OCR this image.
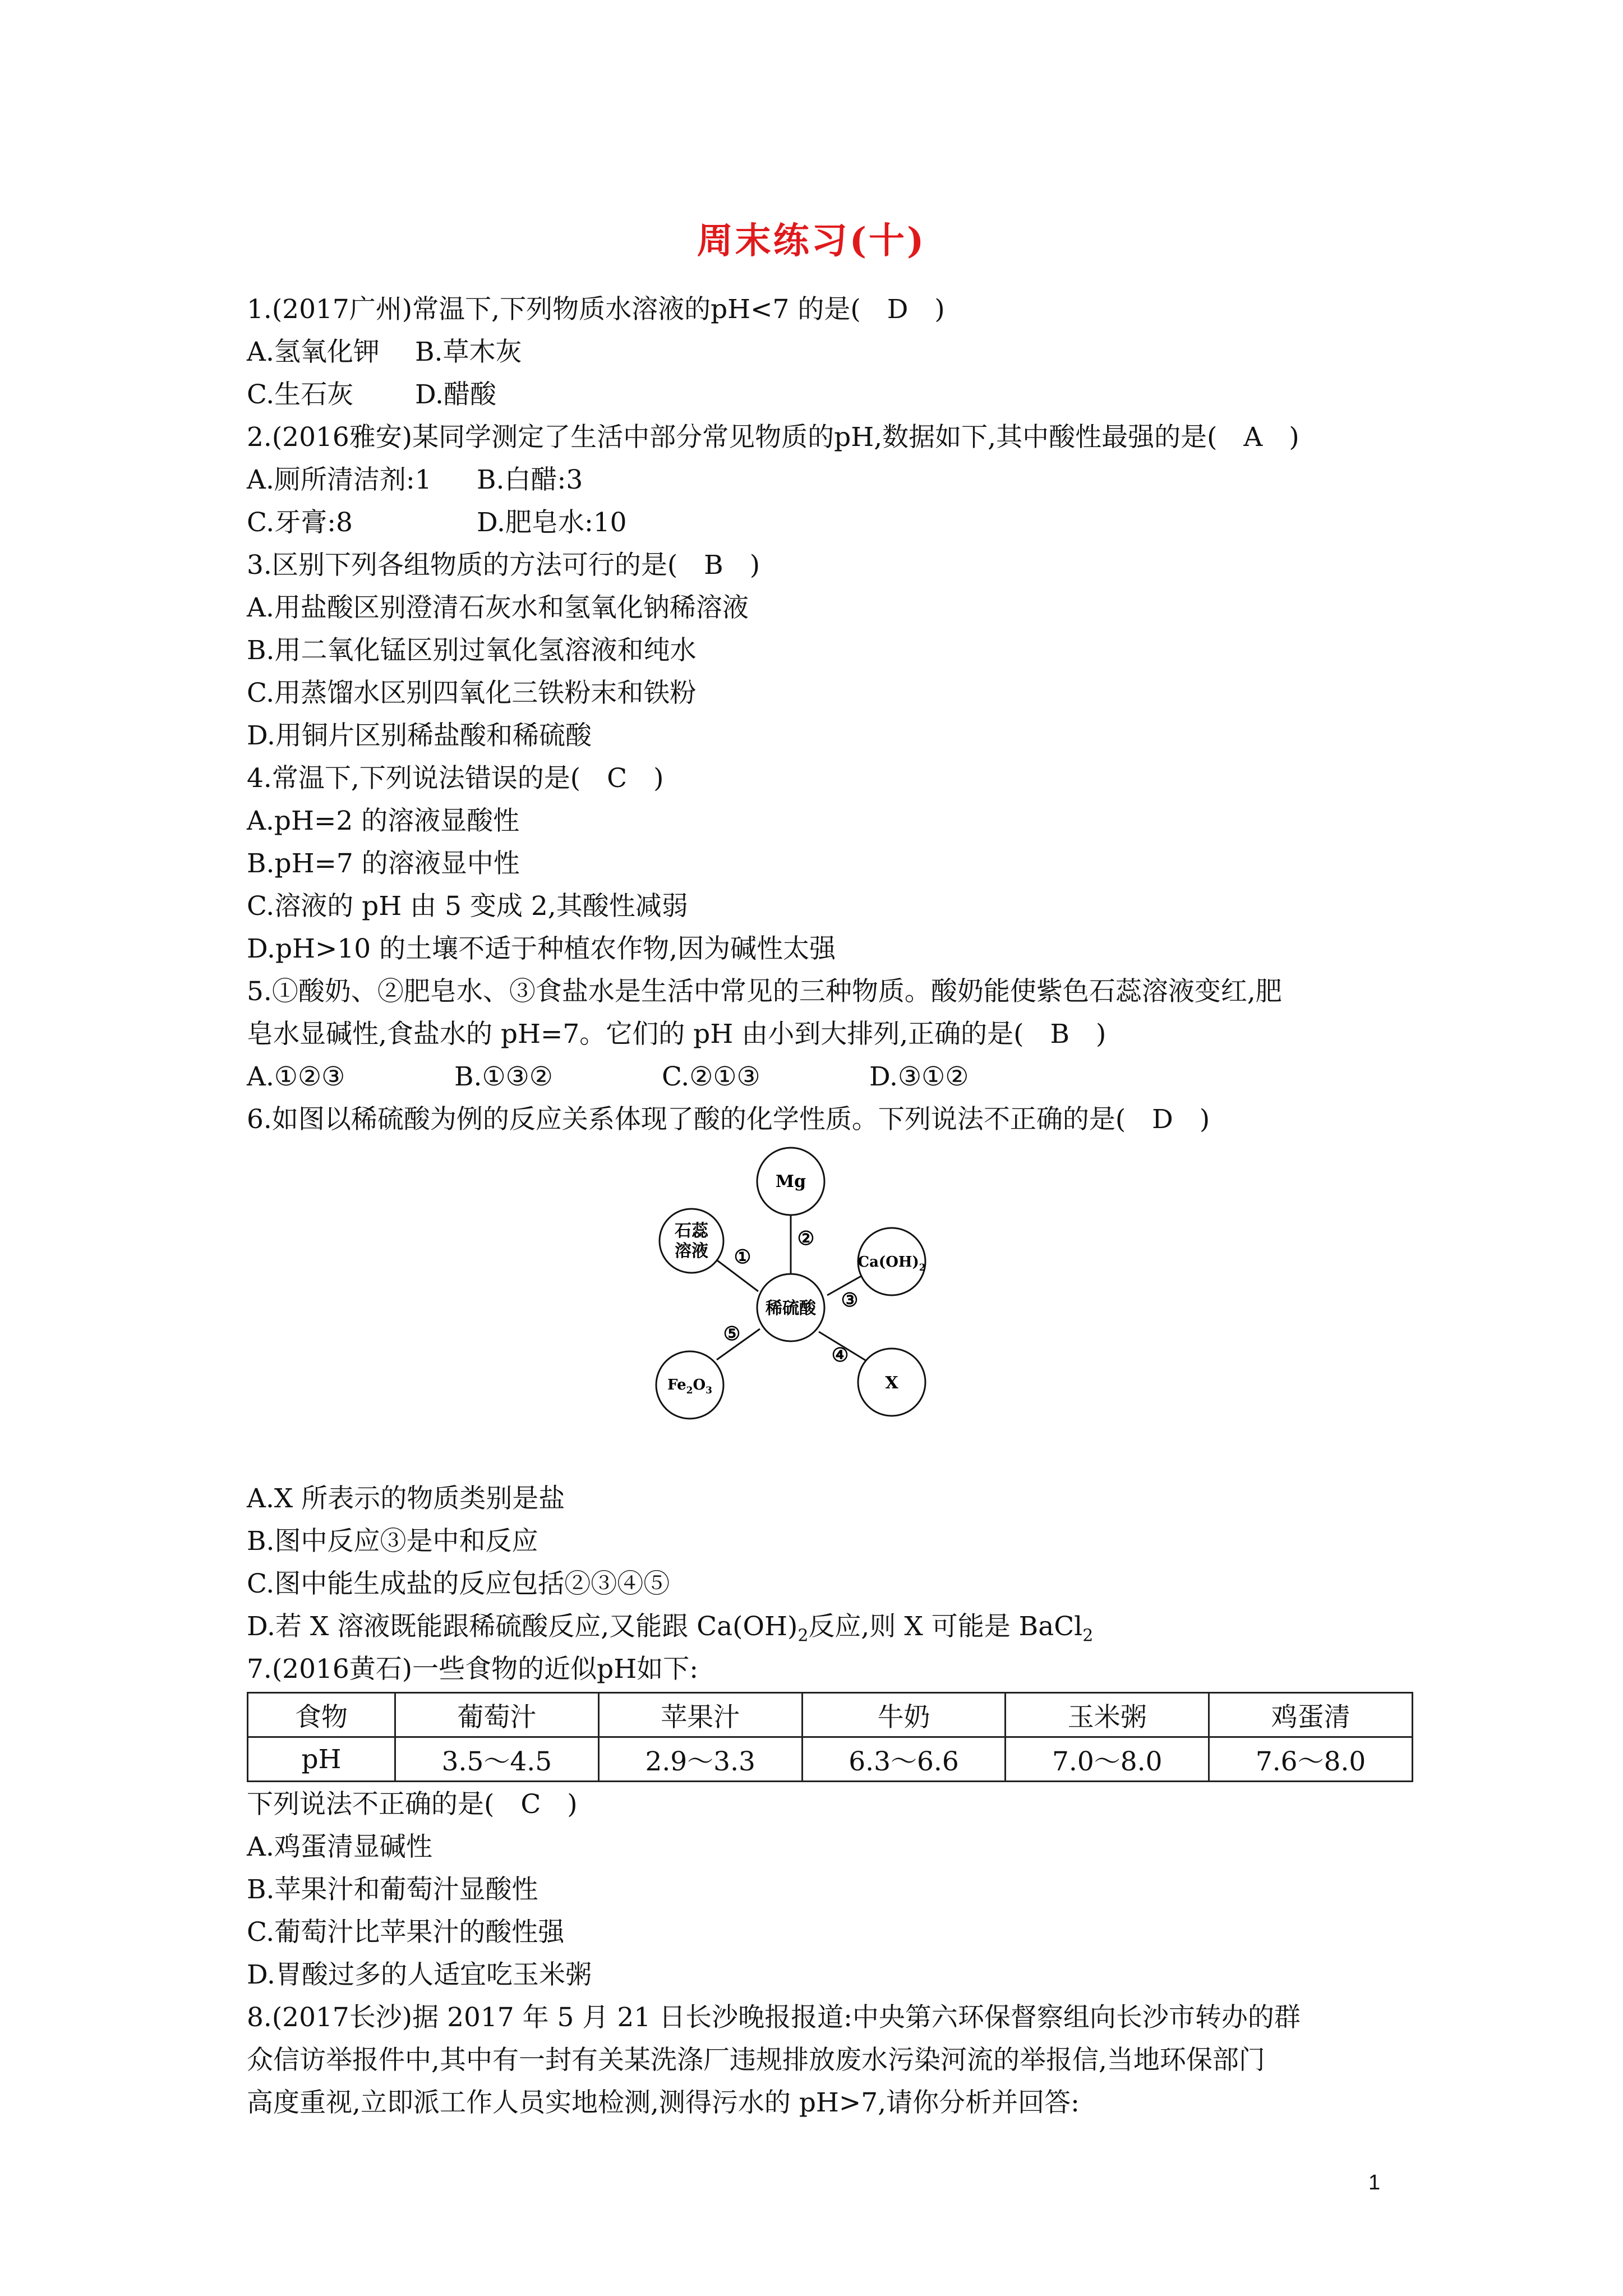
周末练习(十)
1.(2017广州)常温下,下列物质水溶液的pH<7 的是(　D　)
A.氢氧化钾 B.草木灰
C.生石灰 D.醋酸
2.(2016雅安)某同学测定了生活中部分常见物质的pH,数据如下,其中酸性最强的是(　A　)
A.厕所清洁剂:1 B.白醋:3
C.牙膏:8	D.肥皂水:10
3.区别下列各组物质的方法可行的是(　B　)
A.用盐酸区别澄清石灰水和氢氧化钠稀溶液
B.用二氧化锰区别过氧化氢溶液和纯水
C.用蒸馏水区别四氧化三铁粉末和铁粉
D.用铜片区别稀盐酸和稀硫酸
4.常温下,下列说法错误的是(　C　)
A.pH=2 的溶液显酸性
B.pH=7 的溶液显中性
C.溶液的 pH 由 5 变成 2,其酸性减弱
D.pH>10 的土壤不适于种植农作物,因为碱性太强
5.①酸奶、②肥皂水、③食盐水是生活中常见的三种物质。酸奶能使紫色石蕊溶液变红,肥
皂水显碱性,食盐水的 pH=7。它们的 pH 由小到大排列,正确的是(　B　)
A.①②③	B.①③②	C.②①③	D.③①②
6.如图以稀硫酸为例的反应关系体现了酸的化学性质。下列说法不正确的是(　D　)
Mg
石蕊
溶液
$Ca(OH)_2$
稀硫酸
$Fe_2O_3$	X
①
②
③
④
⑤
A.X 所表示的物质类别是盐
B.图中反应③是中和反应
C.图中能生成盐的反应包括②③④⑤
D.若 X 溶液既能跟稀硫酸反应,又能跟 $Ca(OH)_2$反应,则 X 可能是 BaCl$_2$
7.(2016黄石)一些食物的近似pH如下:
食物	葡萄汁	苹果汁	牛奶	玉米粥	鸡蛋清
pH	3.5～4.5	2.9～3.3	6.3～6.6	7.0～8.0	7.6～8.0
下列说法不正确的是(　C　)
A.鸡蛋清显碱性
B.苹果汁和葡萄汁显酸性
C.葡萄汁比苹果汁的酸性强
D.胃酸过多的人适宜吃玉米粥
8.(2017长沙)据 2017 年 5 月 21 日长沙晚报报道:中央第六环保督察组向长沙市转办的群
众信访举报件中,其中有一封有关某洗涤厂违规排放废水污染河流的举报信,当地环保部门
高度重视,立即派工作人员实地检测,测得污水的 pH>7,请你分析并回答:
1
